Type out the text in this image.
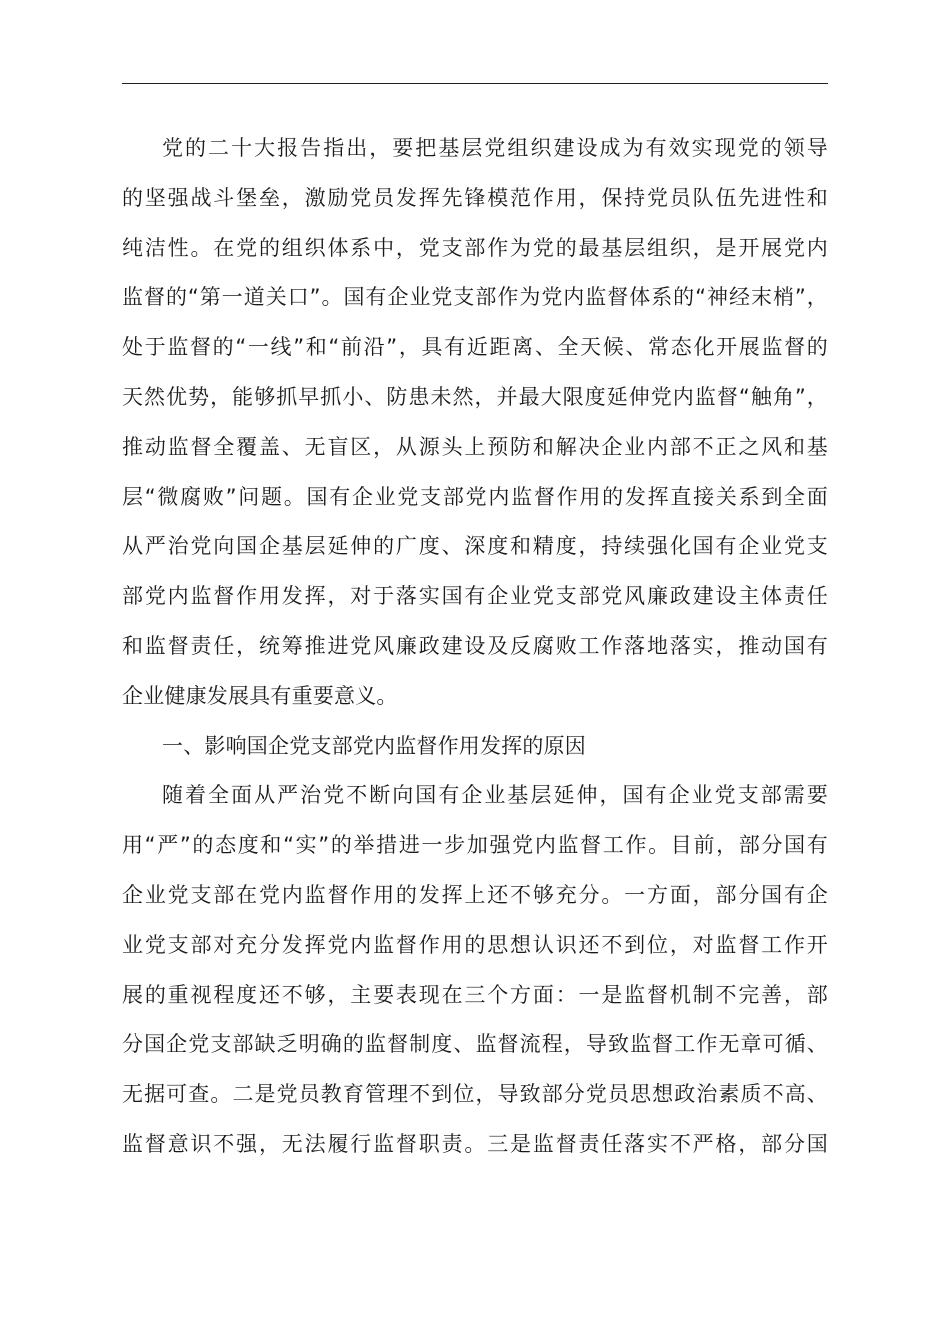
党的二十大报告指出，要把基层党组织建设成为有效实现党的领导
的坚强战斗堡垒，激励党员发挥先锋模范作用，保持党员队伍先进性和
纯洁性。在党的组织体系中，党支部作为党的最基层组织，是开展党内
监督的“第一道关口”。国有企业党支部作为党内监督体系的“神经末梢”，
处于监督的“一线”和“前沿”，具有近距离、全天候、常态化开展监督的
天然优势，能够抓早抓小、防患未然，并最大限度延伸党内监督“触角”，
推动监督全覆盖、无盲区，从源头上预防和解决企业内部不正之风和基
层“微腐败”问题。国有企业党支部党内监督作用的发挥直接关系到全面
从严治党向国企基层延伸的广度、深度和精度，持续强化国有企业党支
部党内监督作用发挥，对于落实国有企业党支部党风廉政建设主体责任
和监督责任，统筹推进党风廉政建设及反腐败工作落地落实，推动国有
企业健康发展具有重要意义。
一、影响国企党支部党内监督作用发挥的原因
随着全面从严治党不断向国有企业基层延伸，国有企业党支部需要
用“严”的态度和“实”的举措进一步加强党内监督工作。目前，部分国有
企业党支部在党内监督作用的发挥上还不够充分。一方面，部分国有企
业党支部对充分发挥党内监督作用的思想认识还不到位，对监督工作开
展的重视程度还不够，主要表现在三个方面：一是监督机制不完善，部
分国企党支部缺乏明确的监督制度、监督流程，导致监督工作无章可循、
无据可查。二是党员教育管理不到位，导致部分党员思想政治素质不高、
监督意识不强，无法履行监督职责。三是监督责任落实不严格，部分国
